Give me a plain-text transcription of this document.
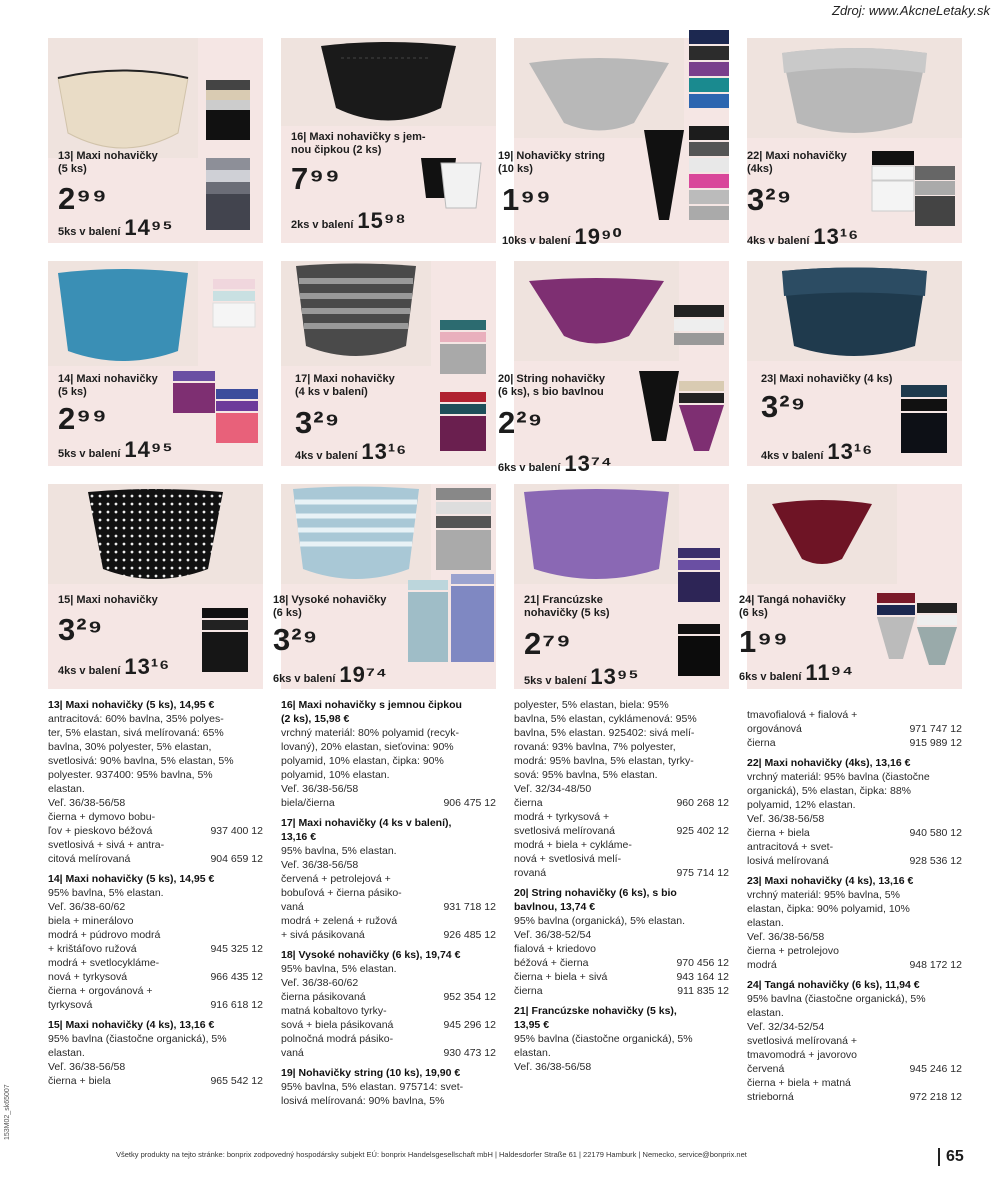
Zdroj: www.AkcneLetaky.sk
13| Maxi nohavičky
(5 ks)
2⁹⁹
5ks v balení 14⁹⁵
16| Maxi nohavičky s jem-
nou čipkou (2 ks)
7⁹⁹
2ks v balení 15⁹⁸
19| Nohavičky string
(10 ks)
1⁹⁹
10ks v balení 19⁹⁰
22| Maxi nohavičky
(4ks)
3²⁹
4ks v balení 13¹⁶
14| Maxi nohavičky
(5 ks)
2⁹⁹
5ks v balení 14⁹⁵
17| Maxi nohavičky
(4 ks v balení)
3²⁹
4ks v balení 13¹⁶
20| String nohavičky
(6 ks), s bio bavlnou
2²⁹
6ks v balení 13⁷⁴
23| Maxi nohavičky (4 ks)
3²⁹
4ks v balení 13¹⁶
15| Maxi nohavičky
3²⁹
4ks v balení 13¹⁶
18| Vysoké nohavičky
(6 ks)
3²⁹
6ks v balení 19⁷⁴
21| Francúzske
nohavičky (5 ks)
2⁷⁹
5ks v balení 13⁹⁵
24| Tangá nohavičky
(6 ks)
1⁹⁹
6ks v balení 11⁹⁴
13| Maxi nohavičky (5 ks), 14,95 €
antracitová: 60% bavlna, 35% polyes-
ter, 5% elastan, sivá melírovaná: 65%
bavlna, 30% polyester, 5% elastan,
svetlosivá: 90% bavlna, 5% elastan, 5%
polyester. 937400: 95% bavlna, 5%
elastan.
Veľ. 36/38-56/58
čierna + dymovo bobu-
ľov + pieskovo béžová	937 400 12
svetlosivá + sivá + antra-
citová melírovaná	904 659 12
14| Maxi nohavičky (5 ks), 14,95 €
95% bavlna, 5% elastan.
Veľ. 36/38-60/62
biela + minerálovo
modrá + púdrovo modrá
+ krištáľovo ružová	945 325 12
modrá + svetlocykláme-
nová + tyrkysová	966 435 12
čierna + orgovánová +
tyrkysová	916 618 12
15| Maxi nohavičky (4 ks), 13,16 €
95% bavlna (čiastočne organická), 5%
elastan.
Veľ. 36/38-56/58
čierna + biela	965 542 12
16| Maxi nohavičky s jemnou čipkou
(2 ks), 15,98 €
vrchný materiál: 80% polyamid (recyk-
lovaný), 20% elastan, sieťovina: 90%
polyamid, 10% elastan, čipka: 90%
polyamid, 10% elastan.
Veľ. 36/38-56/58
biela/čierna	906 475 12
17| Maxi nohavičky (4 ks v balení),
13,16 €
95% bavlna, 5% elastan.
Veľ. 36/38-56/58
červená + petrolejová +
bobuľová + čierna pásiko-
vaná	931 718 12
modrá + zelená + ružová
+ sivá pásikovaná	926 485 12
18| Vysoké nohavičky (6 ks), 19,74 €
95% bavlna, 5% elastan.
Veľ. 36/38-60/62
čierna pásikovaná	952 354 12
matná kobaltovo tyrky-
sová + biela pásikovaná	945 296 12
polnočná modrá pásiko-
vaná	930 473 12
19| Nohavičky string (10 ks), 19,90 €
95% bavlna, 5% elastan. 975714: svet-
losivá melírovaná: 90% bavlna, 5%
polyester, 5% elastan, biela: 95%
bavlna, 5% elastan, cyklámenová: 95%
bavlna, 5% elastan. 925402: sivá melí-
rovaná: 93% bavlna, 7% polyester,
modrá: 95% bavlna, 5% elastan, tyrky-
sová: 95% bavlna, 5% elastan.
Veľ. 32/34-48/50
čierna	960 268 12
modrá + tyrkysová +
svetlosivá melírovaná	925 402 12
modrá + biela + cykláme-
nová + svetlosivá melí-
rovaná	975 714 12
20| String nohavičky (6 ks), s bio
bavlnou, 13,74 €
95% bavlna (organická), 5% elastan.
Veľ. 36/38-52/54
fialová + kriedovo
béžová + čierna	970 456 12
čierna + biela + sivá	943 164 12
čierna	911 835 12
21| Francúzske nohavičky (5 ks),
13,95 €
95% bavlna (čiastočne organická), 5%
elastan.
Veľ. 36/38-56/58
tmavofialová + fialová +
orgovánová	971 747 12
čierna	915 989 12
22| Maxi nohavičky (4ks), 13,16 €
vrchný materiál: 95% bavlna (čiastočne
organická), 5% elastan, čipka: 88%
polyamid, 12% elastan.
Veľ. 36/38-56/58
čierna + biela	940 580 12
antracitová + svet-
losivá melírovaná	928 536 12
23| Maxi nohavičky (4 ks), 13,16 €
vrchný materiál: 95% bavlna, 5%
elastan, čipka: 90% polyamid, 10%
elastan.
Veľ. 36/38-56/58
čierna + petrolejovo
modrá	948 172 12
24| Tangá nohavičky (6 ks), 11,94 €
95% bavlna (čiastočne organická), 5%
elastan.
Veľ. 32/34-52/54
svetlosivá melírovaná +
tmavomodrá + javorovo
červená	945 246 12
čierna + biela + matná
strieborná	972 218 12
Všetky produkty na tejto stránke: bonprix zodpovedný hospodársky subjekt EÚ: bonprix Handelsgesellschaft mbH | Haldesdorfer Straße 61 | 22179 Hamburk | Nemecko, service@bonprix.net	65
153M02_sk65007
